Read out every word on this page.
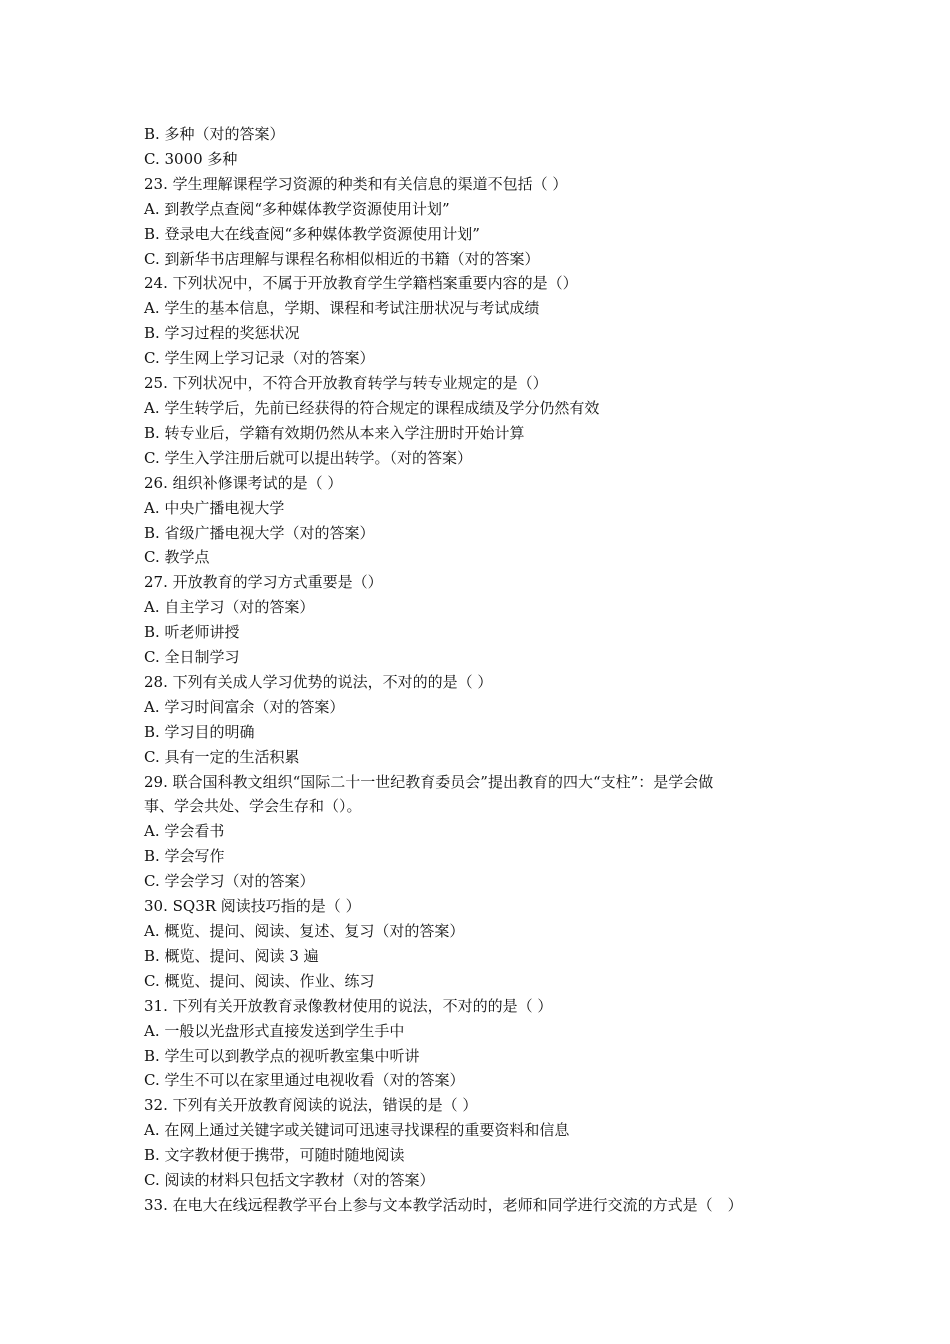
B. 多种（对的答案）
C. 3000 多种
23. 学生理解课程学习资源的种类和有关信息的渠道不包括（ ）
A. 到教学点查阅“多种媒体教学资源使用计划”
B. 登录电大在线查阅“多种媒体教学资源使用计划”
C. 到新华书店理解与课程名称相似相近的书籍（对的答案）
24. 下列状况中，不属于开放教育学生学籍档案重要内容的是（）
A. 学生的基本信息，学期、课程和考试注册状况与考试成绩
B. 学习过程的奖惩状况
C. 学生网上学习记录（对的答案）
25. 下列状况中，不符合开放教育转学与转专业规定的是（）
A. 学生转学后，先前已经获得的符合规定的课程成绩及学分仍然有效
B. 转专业后，学籍有效期仍然从本来入学注册时开始计算
C. 学生入学注册后就可以提出转学。（对的答案）
26. 组织补修课考试的是（ ）
A. 中央广播电视大学
B. 省级广播电视大学（对的答案）
C. 教学点
27. 开放教育的学习方式重要是（）
A. 自主学习（对的答案）
B. 听老师讲授
C. 全日制学习
28. 下列有关成人学习优势的说法，不对的的是（ ）
A. 学习时间富余（对的答案）
B. 学习目的明确
C. 具有一定的生活积累
29. 联合国科教文组织“国际二十一世纪教育委员会”提出教育的四大“支柱”：是学会做
事、学会共处、学会生存和（）。
A. 学会看书
B. 学会写作
C. 学会学习（对的答案）
30. SQ3R 阅读技巧指的是（ ）
A. 概览、提问、阅读、复述、复习（对的答案）
B. 概览、提问、阅读 3 遍
C. 概览、提问、阅读、作业、练习
31. 下列有关开放教育录像教材使用的说法，不对的的是（ ）
A. 一般以光盘形式直接发送到学生手中
B. 学生可以到教学点的视听教室集中听讲
C. 学生不可以在家里通过电视收看（对的答案）
32. 下列有关开放教育阅读的说法，错误的是（ ）
A. 在网上通过关键字或关键词可迅速寻找课程的重要资料和信息
B. 文字教材便于携带，可随时随地阅读
C. 阅读的材料只包括文字教材（对的答案）
33. 在电大在线远程教学平台上参与文本教学活动时，老师和同学进行交流的方式是（　）
